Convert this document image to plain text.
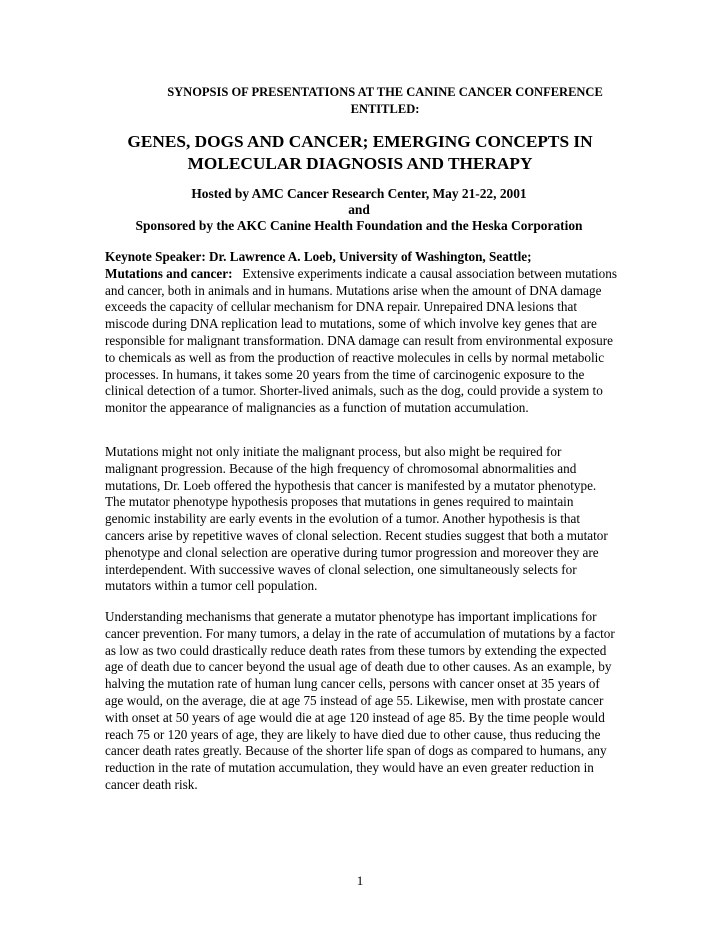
SYNOPSIS OF PRESENTATIONS AT THE CANINE CANCER CONFERENCE
ENTITLED:
GENES, DOGS AND CANCER; EMERGING CONCEPTS IN
MOLECULAR DIAGNOSIS AND THERAPY
Hosted by AMC Cancer Research Center, May 21-22, 2001
and
Sponsored by the AKC Canine Health Foundation and the Heska Corporation

Keynote Speaker: Dr. Lawrence A. Loeb, University of Washington, Seattle;
Mutations and cancer: Extensive experiments indicate a causal association between mutations and cancer, both in animals and in humans. Mutations arise when the amount of DNA damage exceeds the capacity of cellular mechanism for DNA repair. Unrepaired DNA lesions that miscode during DNA replication lead to mutations, some of which involve key genes that are responsible for malignant transformation. DNA damage can result from environmental exposure to chemicals as well as from the production of reactive molecules in cells by normal metabolic processes. In humans, it takes some 20 years from the time of carcinogenic exposure to the clinical detection of a tumor. Shorter-lived animals, such as the dog, could provide a system to monitor the appearance of malignancies as a function of mutation accumulation.

Mutations might not only initiate the malignant process, but also might be required for malignant progression. Because of the high frequency of chromosomal abnormalities and mutations, Dr. Loeb offered the hypothesis that cancer is manifested by a mutator phenotype. The mutator phenotype hypothesis proposes that mutations in genes required to maintain genomic instability are early events in the evolution of a tumor. Another hypothesis is that cancers arise by repetitive waves of clonal selection. Recent studies suggest that both a mutator phenotype and clonal selection are operative during tumor progression and moreover they are interdependent. With successive waves of clonal selection, one simultaneously selects for mutators within a tumor cell population.

Understanding mechanisms that generate a mutator phenotype has important implications for cancer prevention. For many tumors, a delay in the rate of accumulation of mutations by a factor as low as two could drastically reduce death rates from these tumors by extending the expected age of death due to cancer beyond the usual age of death due to other causes. As an example, by halving the mutation rate of human lung cancer cells, persons with cancer onset at 35 years of age would, on the average, die at age 75 instead of age 55. Likewise, men with prostate cancer with onset at 50 years of age would die at age 120 instead of age 85. By the time people would reach 75 or 120 years of age, they are likely to have died due to other cause, thus reducing the cancer death rates greatly. Because of the shorter life span of dogs as compared to humans, any reduction in the rate of mutation accumulation, they would have an even greater reduction in cancer death risk.

1
